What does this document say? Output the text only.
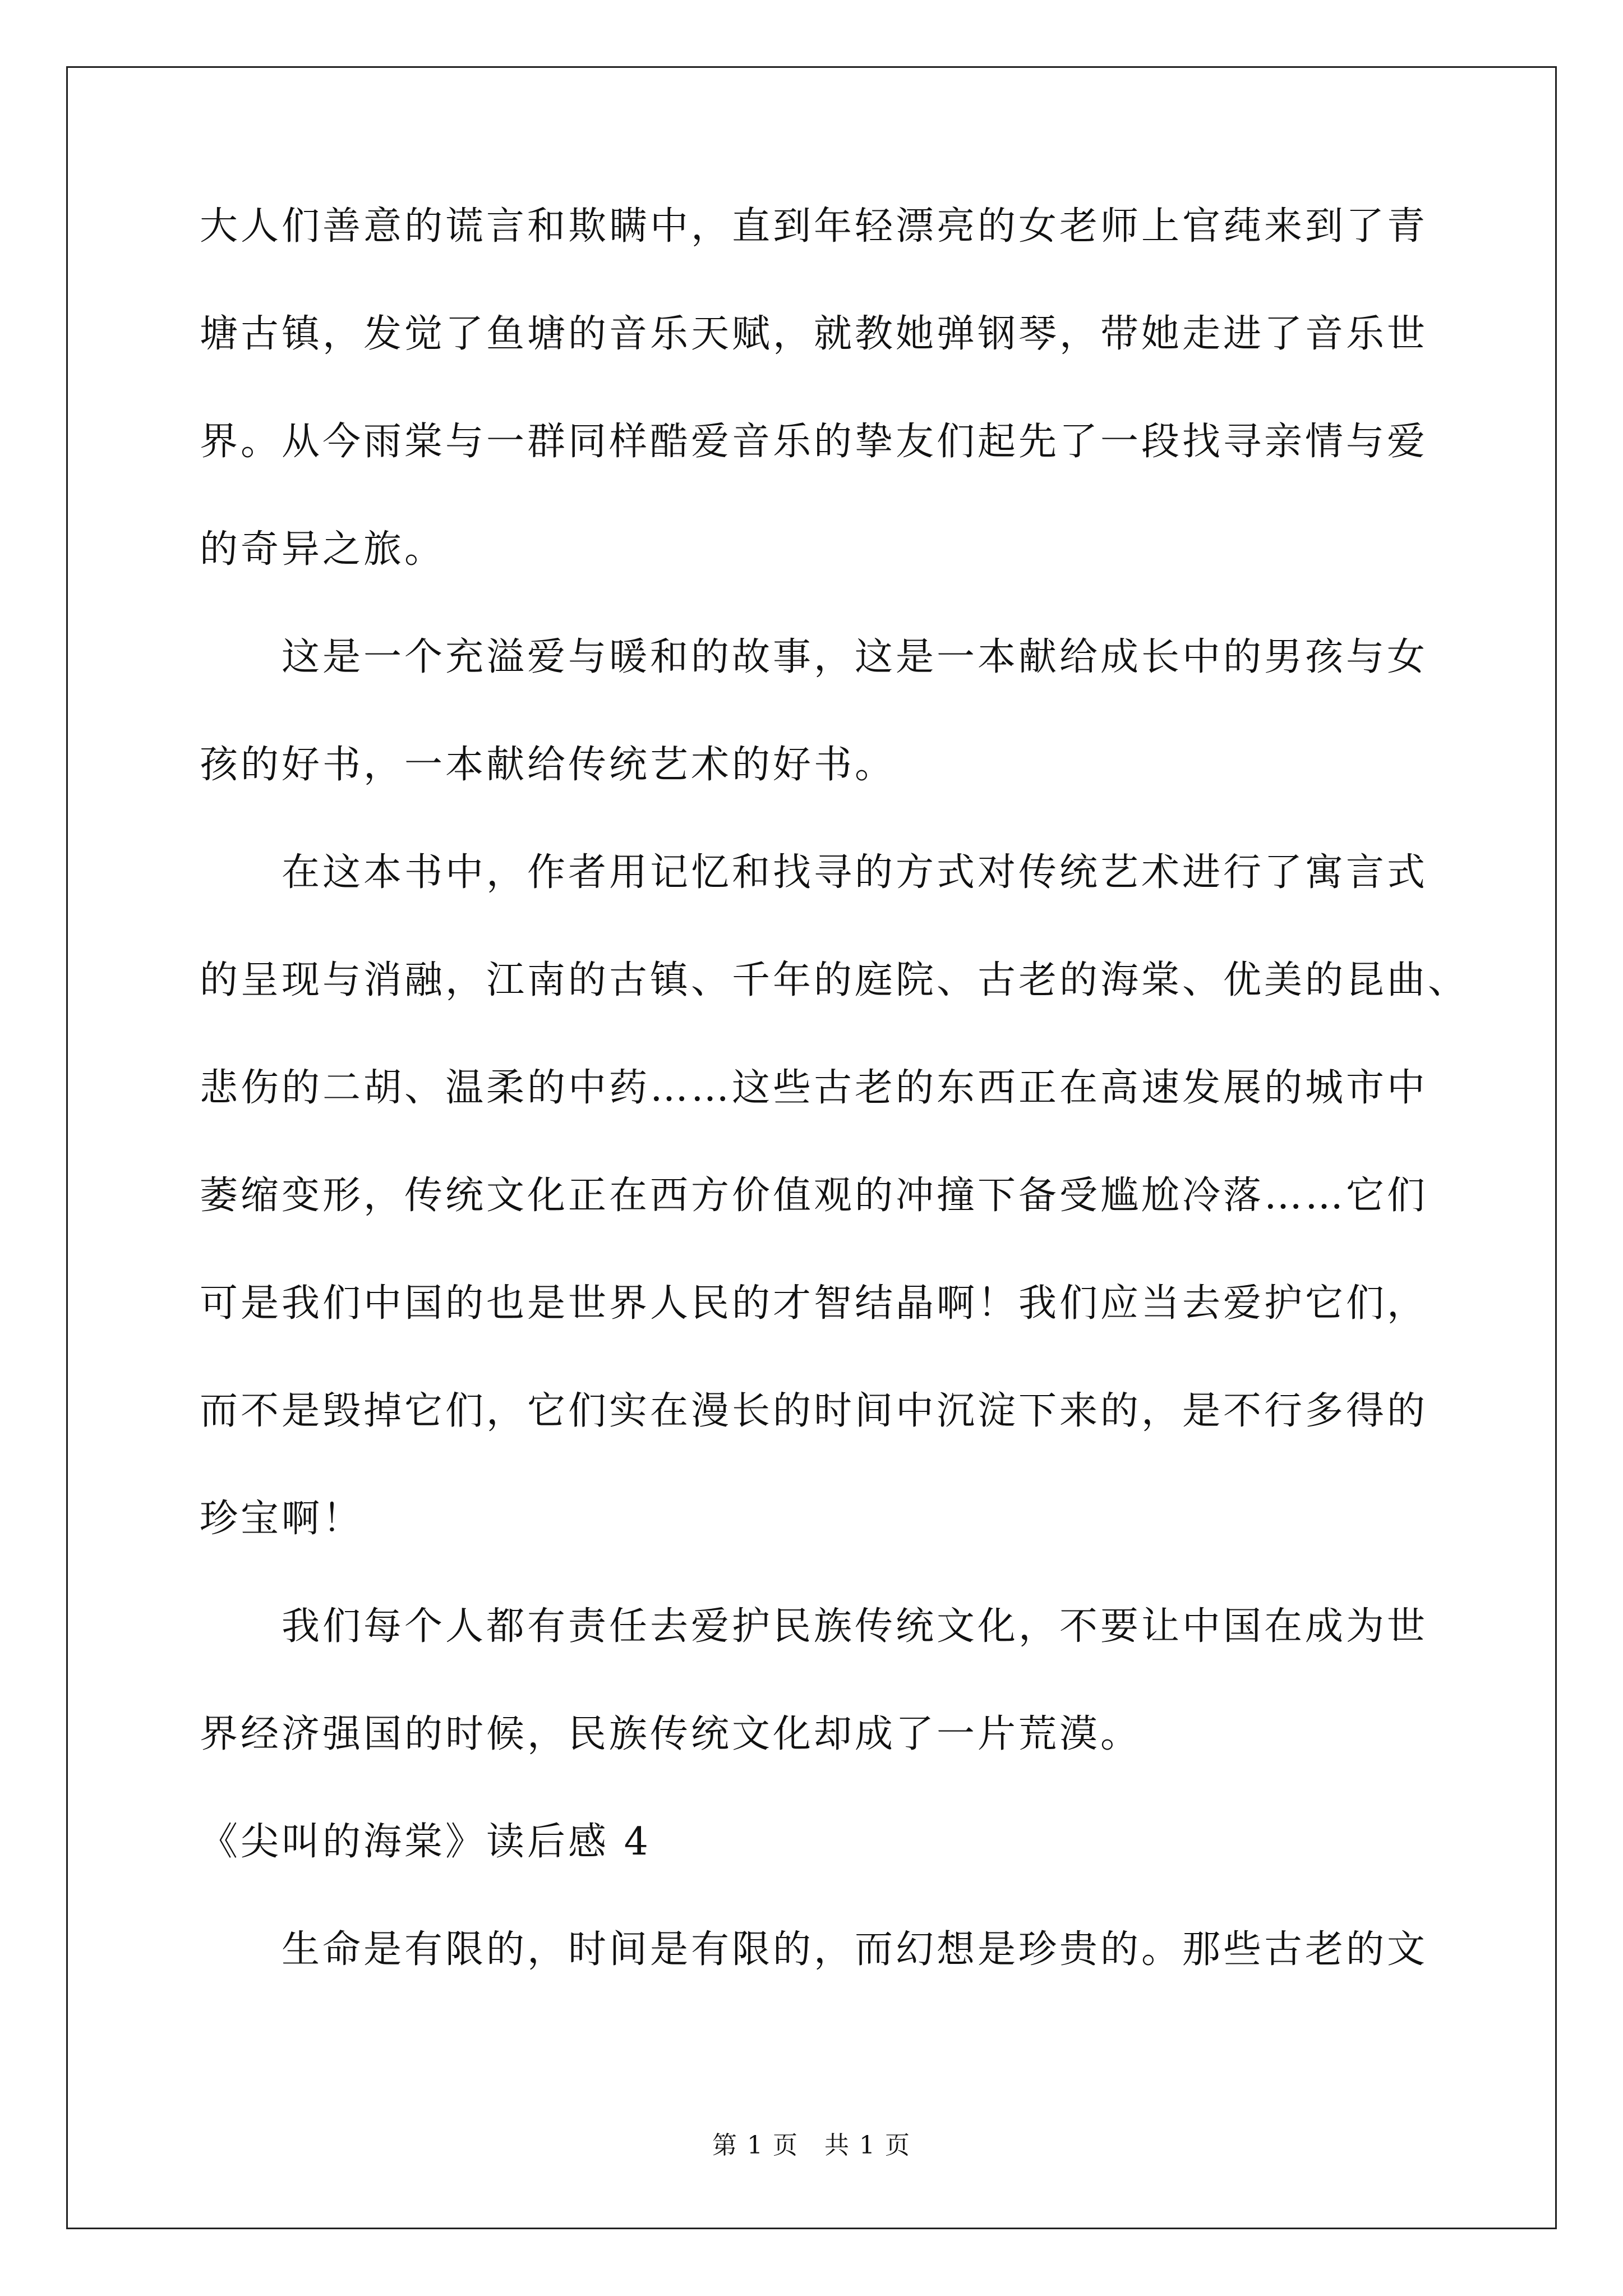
大人们善意的谎言和欺瞒中，直到年轻漂亮的女老师上官莼来到了青
塘古镇，发觉了鱼塘的音乐天赋，就教她弹钢琴，带她走进了音乐世
界。从今雨棠与一群同样酷爱音乐的挚友们起先了一段找寻亲情与爱
的奇异之旅。
这是一个充溢爱与暖和的故事，这是一本献给成长中的男孩与女
孩的好书，一本献给传统艺术的好书。
在这本书中，作者用记忆和找寻的方式对传统艺术进行了寓言式
的呈现与消融，江南的古镇、千年的庭院、古老的海棠、优美的昆曲、
悲伤的二胡、温柔的中药……这些古老的东西正在高速发展的城市中
萎缩变形，传统文化正在西方价值观的冲撞下备受尴尬冷落……它们
可是我们中国的也是世界人民的才智结晶啊！我们应当去爱护它们，
而不是毁掉它们，它们实在漫长的时间中沉淀下来的，是不行多得的
珍宝啊！
我们每个人都有责任去爱护民族传统文化，不要让中国在成为世
界经济强国的时候，民族传统文化却成了一片荒漠。
《尖叫的海棠》读后感 4
生命是有限的，时间是有限的，而幻想是珍贵的。那些古老的文
第 1 页　共 1 页
